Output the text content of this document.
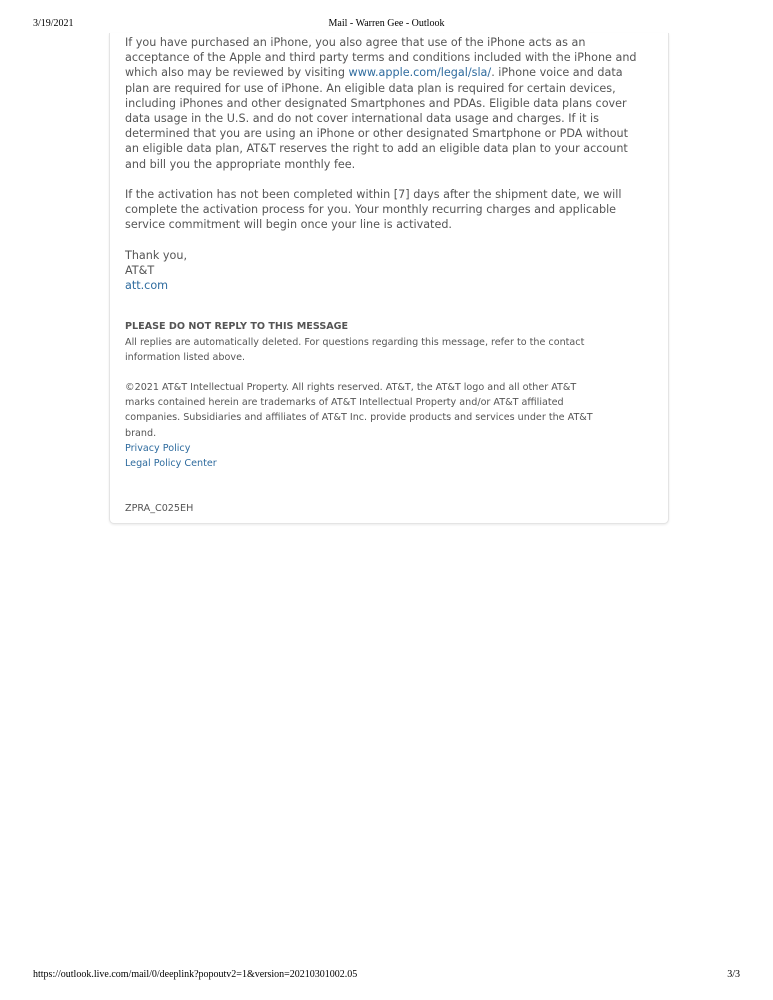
3/19/2021	Mail - Warren Gee - Outlook

If you have purchased an iPhone, you also agree that use of the iPhone acts as an
acceptance of the Apple and third party terms and conditions included with the iPhone and
which also may be reviewed by visiting www.apple.com/legal/sla/. iPhone voice and data
plan are required for use of iPhone. An eligible data plan is required for certain devices,
including iPhones and other designated Smartphones and PDAs. Eligible data plans cover
data usage in the U.S. and do not cover international data usage and charges. If it is
determined that you are using an iPhone or other designated Smartphone or PDA without
an eligible data plan, AT&T reserves the right to add an eligible data plan to your account
and bill you the appropriate monthly fee.

If the activation has not been completed within [7] days after the shipment date, we will
complete the activation process for you. Your monthly recurring charges and applicable
service commitment will begin once your line is activated.

Thank you,
AT&T
att.com

PLEASE DO NOT REPLY TO THIS MESSAGE
All replies are automatically deleted. For questions regarding this message, refer to the contact
information listed above.

©2021 AT&T Intellectual Property. All rights reserved. AT&T, the AT&T logo and all other AT&T
marks contained herein are trademarks of AT&T Intellectual Property and/or AT&T affiliated
companies. Subsidiaries and affiliates of AT&T Inc. provide products and services under the AT&T
brand.
Privacy Policy
Legal Policy Center

ZPRA_C025EH
https://outlook.live.com/mail/0/deeplink?popoutv2=1&version=20210301002.05	3/3
